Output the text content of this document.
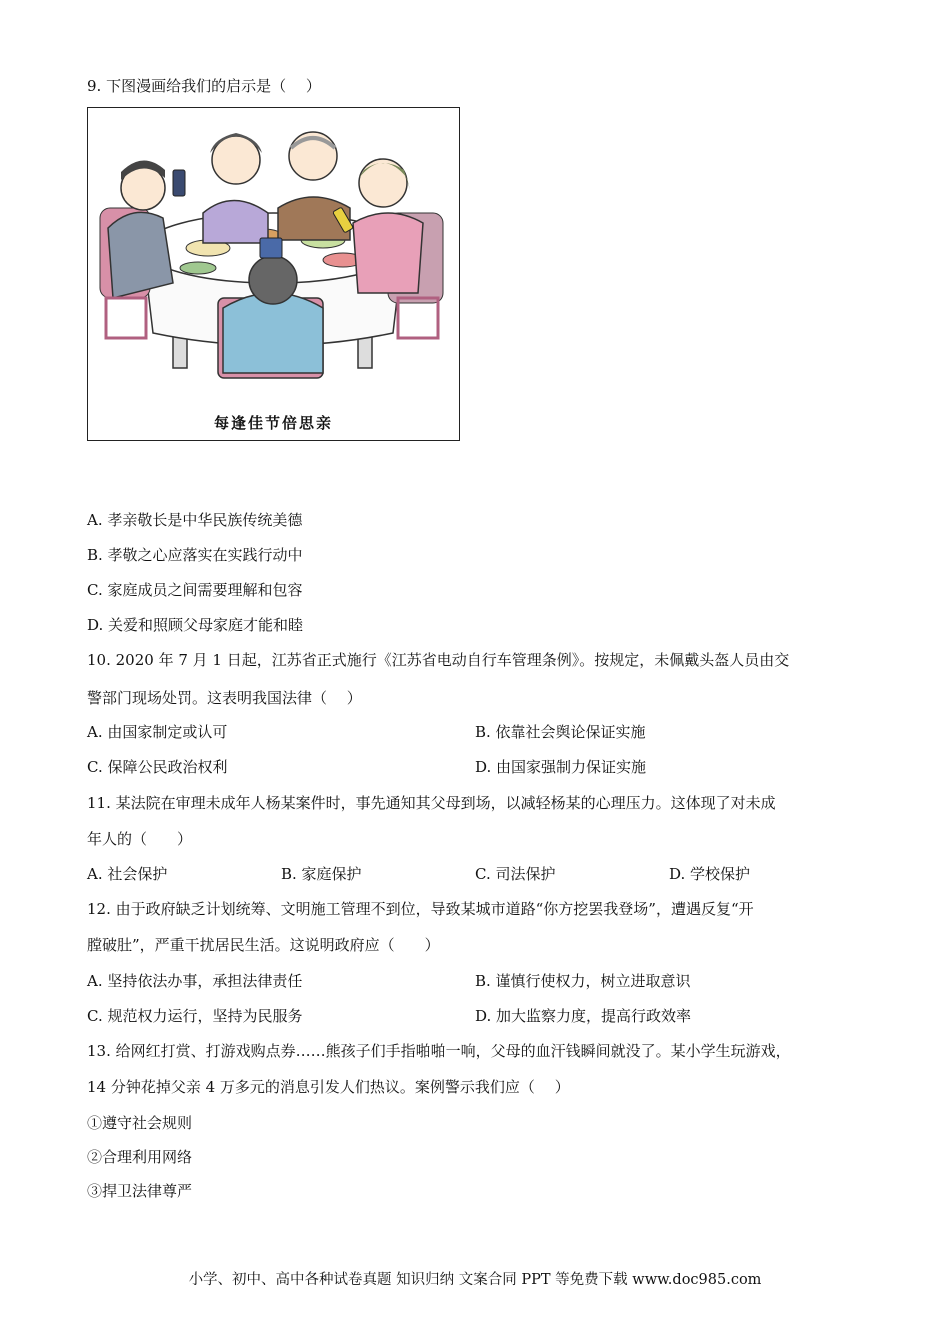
9. 下图漫画给我们的启示是（　 ）
每逢佳节倍思亲
A. 孝亲敬长是中华民族传统美德
B. 孝敬之心应落实在实践行动中
C. 家庭成员之间需要理解和包容
D. 关爱和照顾父母家庭才能和睦
10. 2020 年 7 月 1 日起，江苏省正式施行《江苏省电动自行车管理条例》。按规定，未佩戴头盔人员由交
警部门现场处罚。这表明我国法律（　 ）
A. 由国家制定或认可	B. 依靠社会舆论保证实施
C. 保障公民政治权利	D. 由国家强制力保证实施
11. 某法院在审理未成年人杨某案件时，事先通知其父母到场，以减轻杨某的心理压力。这体现了对未成
年人的（　　）
A. 社会保护	B. 家庭保护	C. 司法保护	D. 学校保护
12. 由于政府缺乏计划统筹、文明施工管理不到位，导致某城市道路“你方挖罢我登场”，遭遇反复“开
膛破肚”，严重干扰居民生活。这说明政府应（　　）
A. 坚持依法办事，承担法律责任	B. 谨慎行使权力，树立进取意识
C. 规范权力运行，坚持为民服务	D. 加大监察力度，提高行政效率
13. 给网红打赏、打游戏购点券……熊孩子们手指啪啪一响，父母的血汗钱瞬间就没了。某小学生玩游戏，
14 分钟花掉父亲 4 万多元的消息引发人们热议。案例警示我们应（　 ）
①遵守社会规则
②合理利用网络
③捍卫法律尊严
小学、初中、高中各种试卷真题 知识归纳 文案合同 PPT 等免费下载 www.doc985.com
